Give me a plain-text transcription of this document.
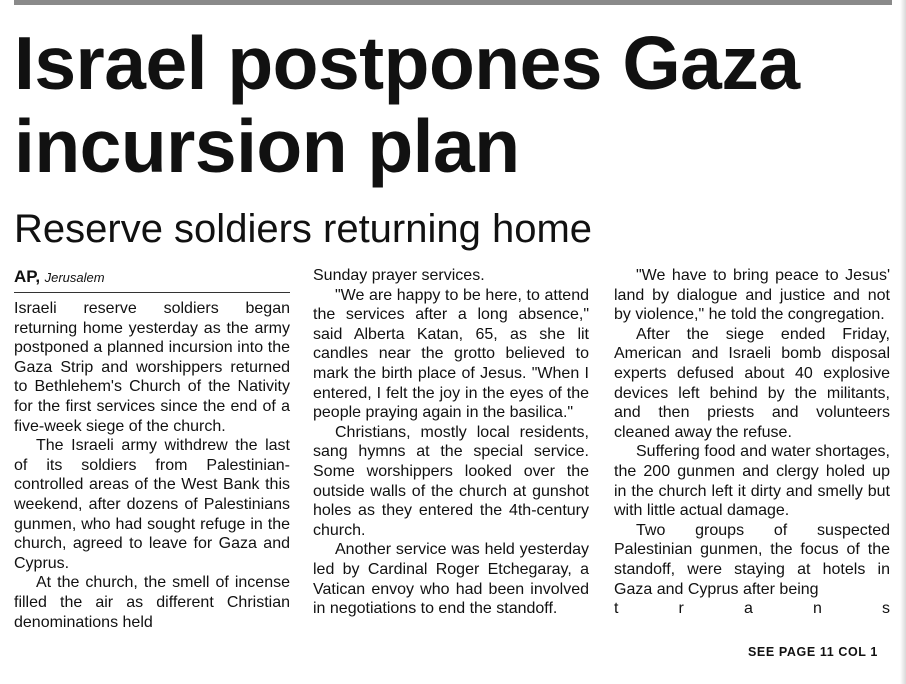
Israel postpones Gaza incursion plan
Reserve soldiers returning home
AP, Jerusalem

Israeli reserve soldiers began returning home yesterday as the army postponed a planned incursion into the Gaza Strip and worshippers returned to Bethlehem's Church of the Nativity for the first services since the end of a five-week siege of the church.

The Israeli army withdrew the last of its soldiers from Palestinian-controlled areas of the West Bank this weekend, after dozens of Palestinians gunmen, who had sought refuge in the church, agreed to leave for Gaza and Cyprus.

At the church, the smell of incense filled the air as different Christian denominations held

Sunday prayer services.

"We are happy to be here, to attend the services after a long absence," said Alberta Katan, 65, as she lit candles near the grotto believed to mark the birth place of Jesus. "When I entered, I felt the joy in the eyes of the people praying again in the basilica."

Christians, mostly local residents, sang hymns at the special service. Some worshippers looked over the outside walls of the church at gunshot holes as they entered the 4th-century church.

Another service was held yesterday led by Cardinal Roger Etchegaray, a Vatican envoy who had been involved in negotiations to end the standoff.

"We have to bring peace to Jesus' land by dialogue and justice and not by violence," he told the congregation.

After the siege ended Friday, American and Israeli bomb disposal experts defused about 40 explosive devices left behind by the militants, and then priests and volunteers cleaned away the refuse.

Suffering food and water shortages, the 200 gunmen and clergy holed up in the church left it dirty and smelly but with little actual damage.

Two groups of suspected Palestinian gunmen, the focus of the standoff, were staying at hotels in Gaza and Cyprus after being

t	r	a	n	s
SEE PAGE 11 COL 1
